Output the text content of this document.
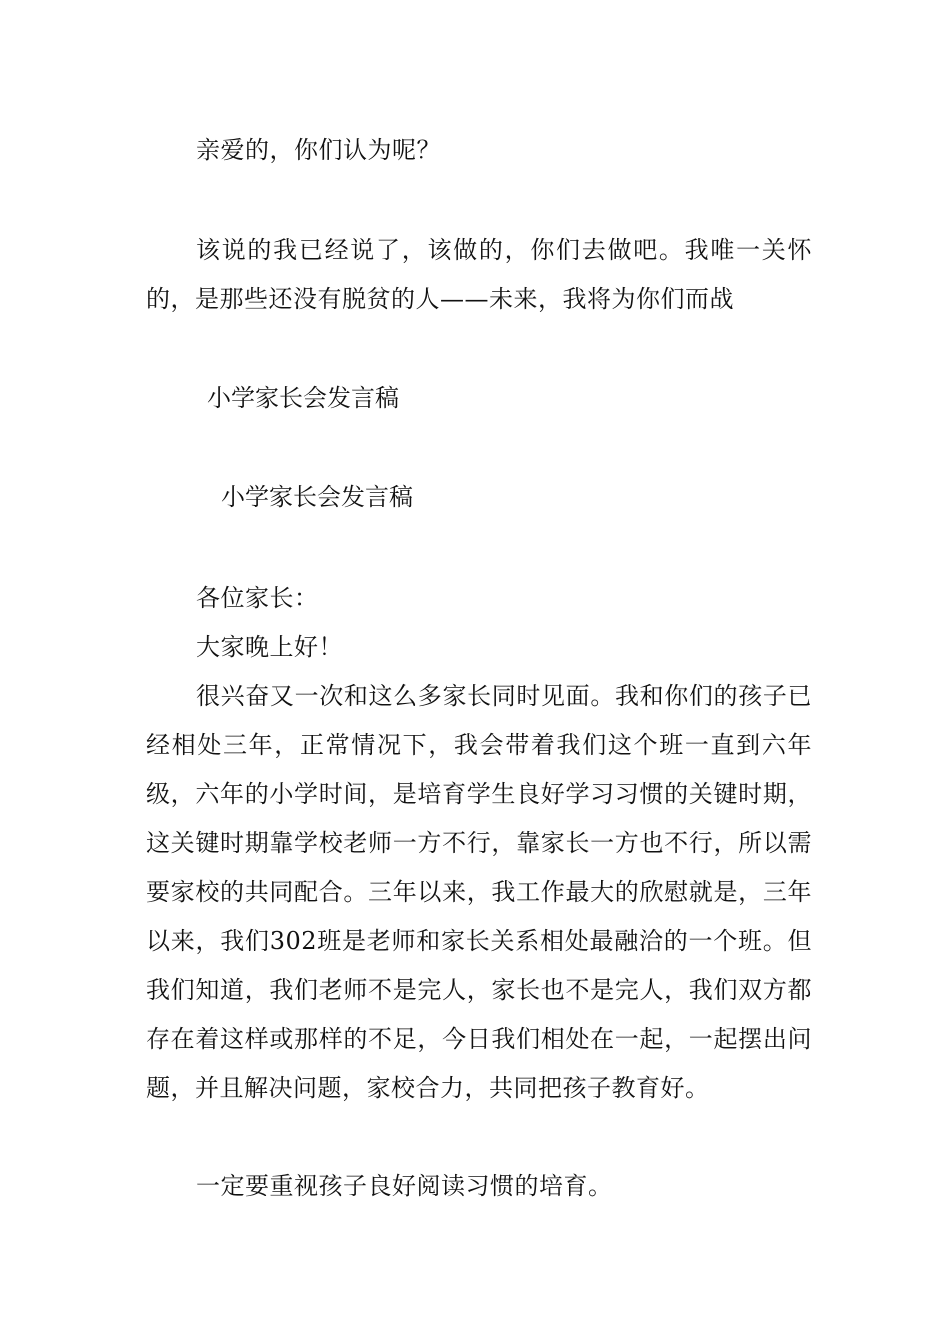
亲爱的，你们认为呢？

该说的我已经说了，该做的，你们去做吧。我唯一关怀的，是那些还没有脱贫的人——未来，我将为你们而战

小学家长会发言稿

小学家长会发言稿

各位家长：

大家晚上好！

很兴奋又一次和这么多家长同时见面。我和你们的孩子已经相处三年，正常情况下，我会带着我们这个班一直到六年级，六年的小学时间，是培育学生良好学习习惯的关键时期，这关键时期靠学校老师一方不行，靠家长一方也不行，所以需要家校的共同配合。三年以来，我工作最大的欣慰就是，三年以来，我们302班是老师和家长关系相处最融洽的一个班。但我们知道，我们老师不是完人，家长也不是完人，我们双方都存在着这样或那样的不足，今日我们相处在一起，一起摆出问题，并且解决问题，家校合力，共同把孩子教育好。

一定要重视孩子良好阅读习惯的培育。
